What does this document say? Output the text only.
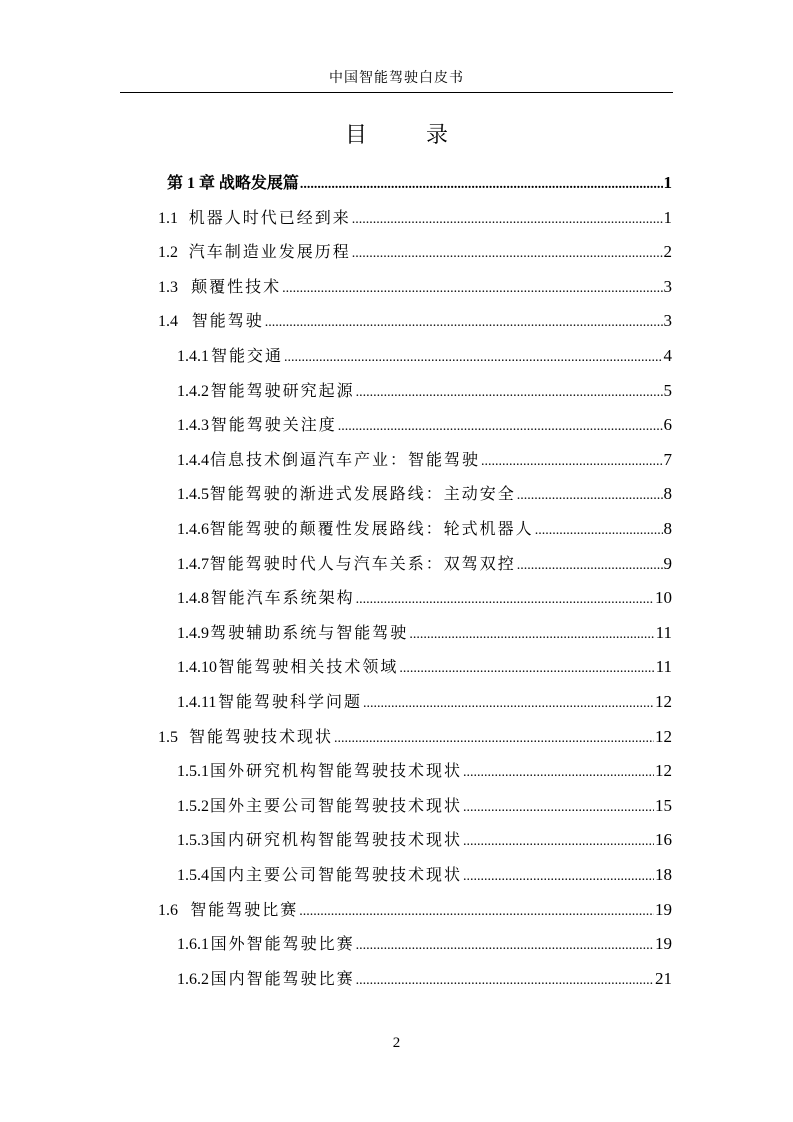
中国智能驾驶白皮书
目 录
第 1 章 战略发展篇 .....	1
1.1 机器人时代已经到来 .....	1
1.2 汽车制造业发展历程 .....	2
1.3 颠覆性技术 .....	3
1.4 智能驾驶 .....	3
1.4.1 智能交通 .....	4
1.4.2 智能驾驶研究起源 .....	5
1.4.3 智能驾驶关注度 .....	6
1.4.4 信息技术倒逼汽车产业：智能驾驶 .....	7
1.4.5 智能驾驶的渐进式发展路线：主动安全 .....	8
1.4.6 智能驾驶的颠覆性发展路线：轮式机器人 .....	8
1.4.7 智能驾驶时代人与汽车关系：双驾双控 .....	9
1.4.8 智能汽车系统架构 .....	10
1.4.9 驾驶辅助系统与智能驾驶 .....	11
1.4.10 智能驾驶相关技术领域 .....	11
1.4.11 智能驾驶科学问题 .....	12
1.5 智能驾驶技术现状 .....	12
1.5.1 国外研究机构智能驾驶技术现状 .....	12
1.5.2 国外主要公司智能驾驶技术现状 .....	15
1.5.3 国内研究机构智能驾驶技术现状 .....	16
1.5.4 国内主要公司智能驾驶技术现状 .....	18
1.6 智能驾驶比赛 .....	19
1.6.1 国外智能驾驶比赛 .....	19
1.6.2 国内智能驾驶比赛 .....	21
2
